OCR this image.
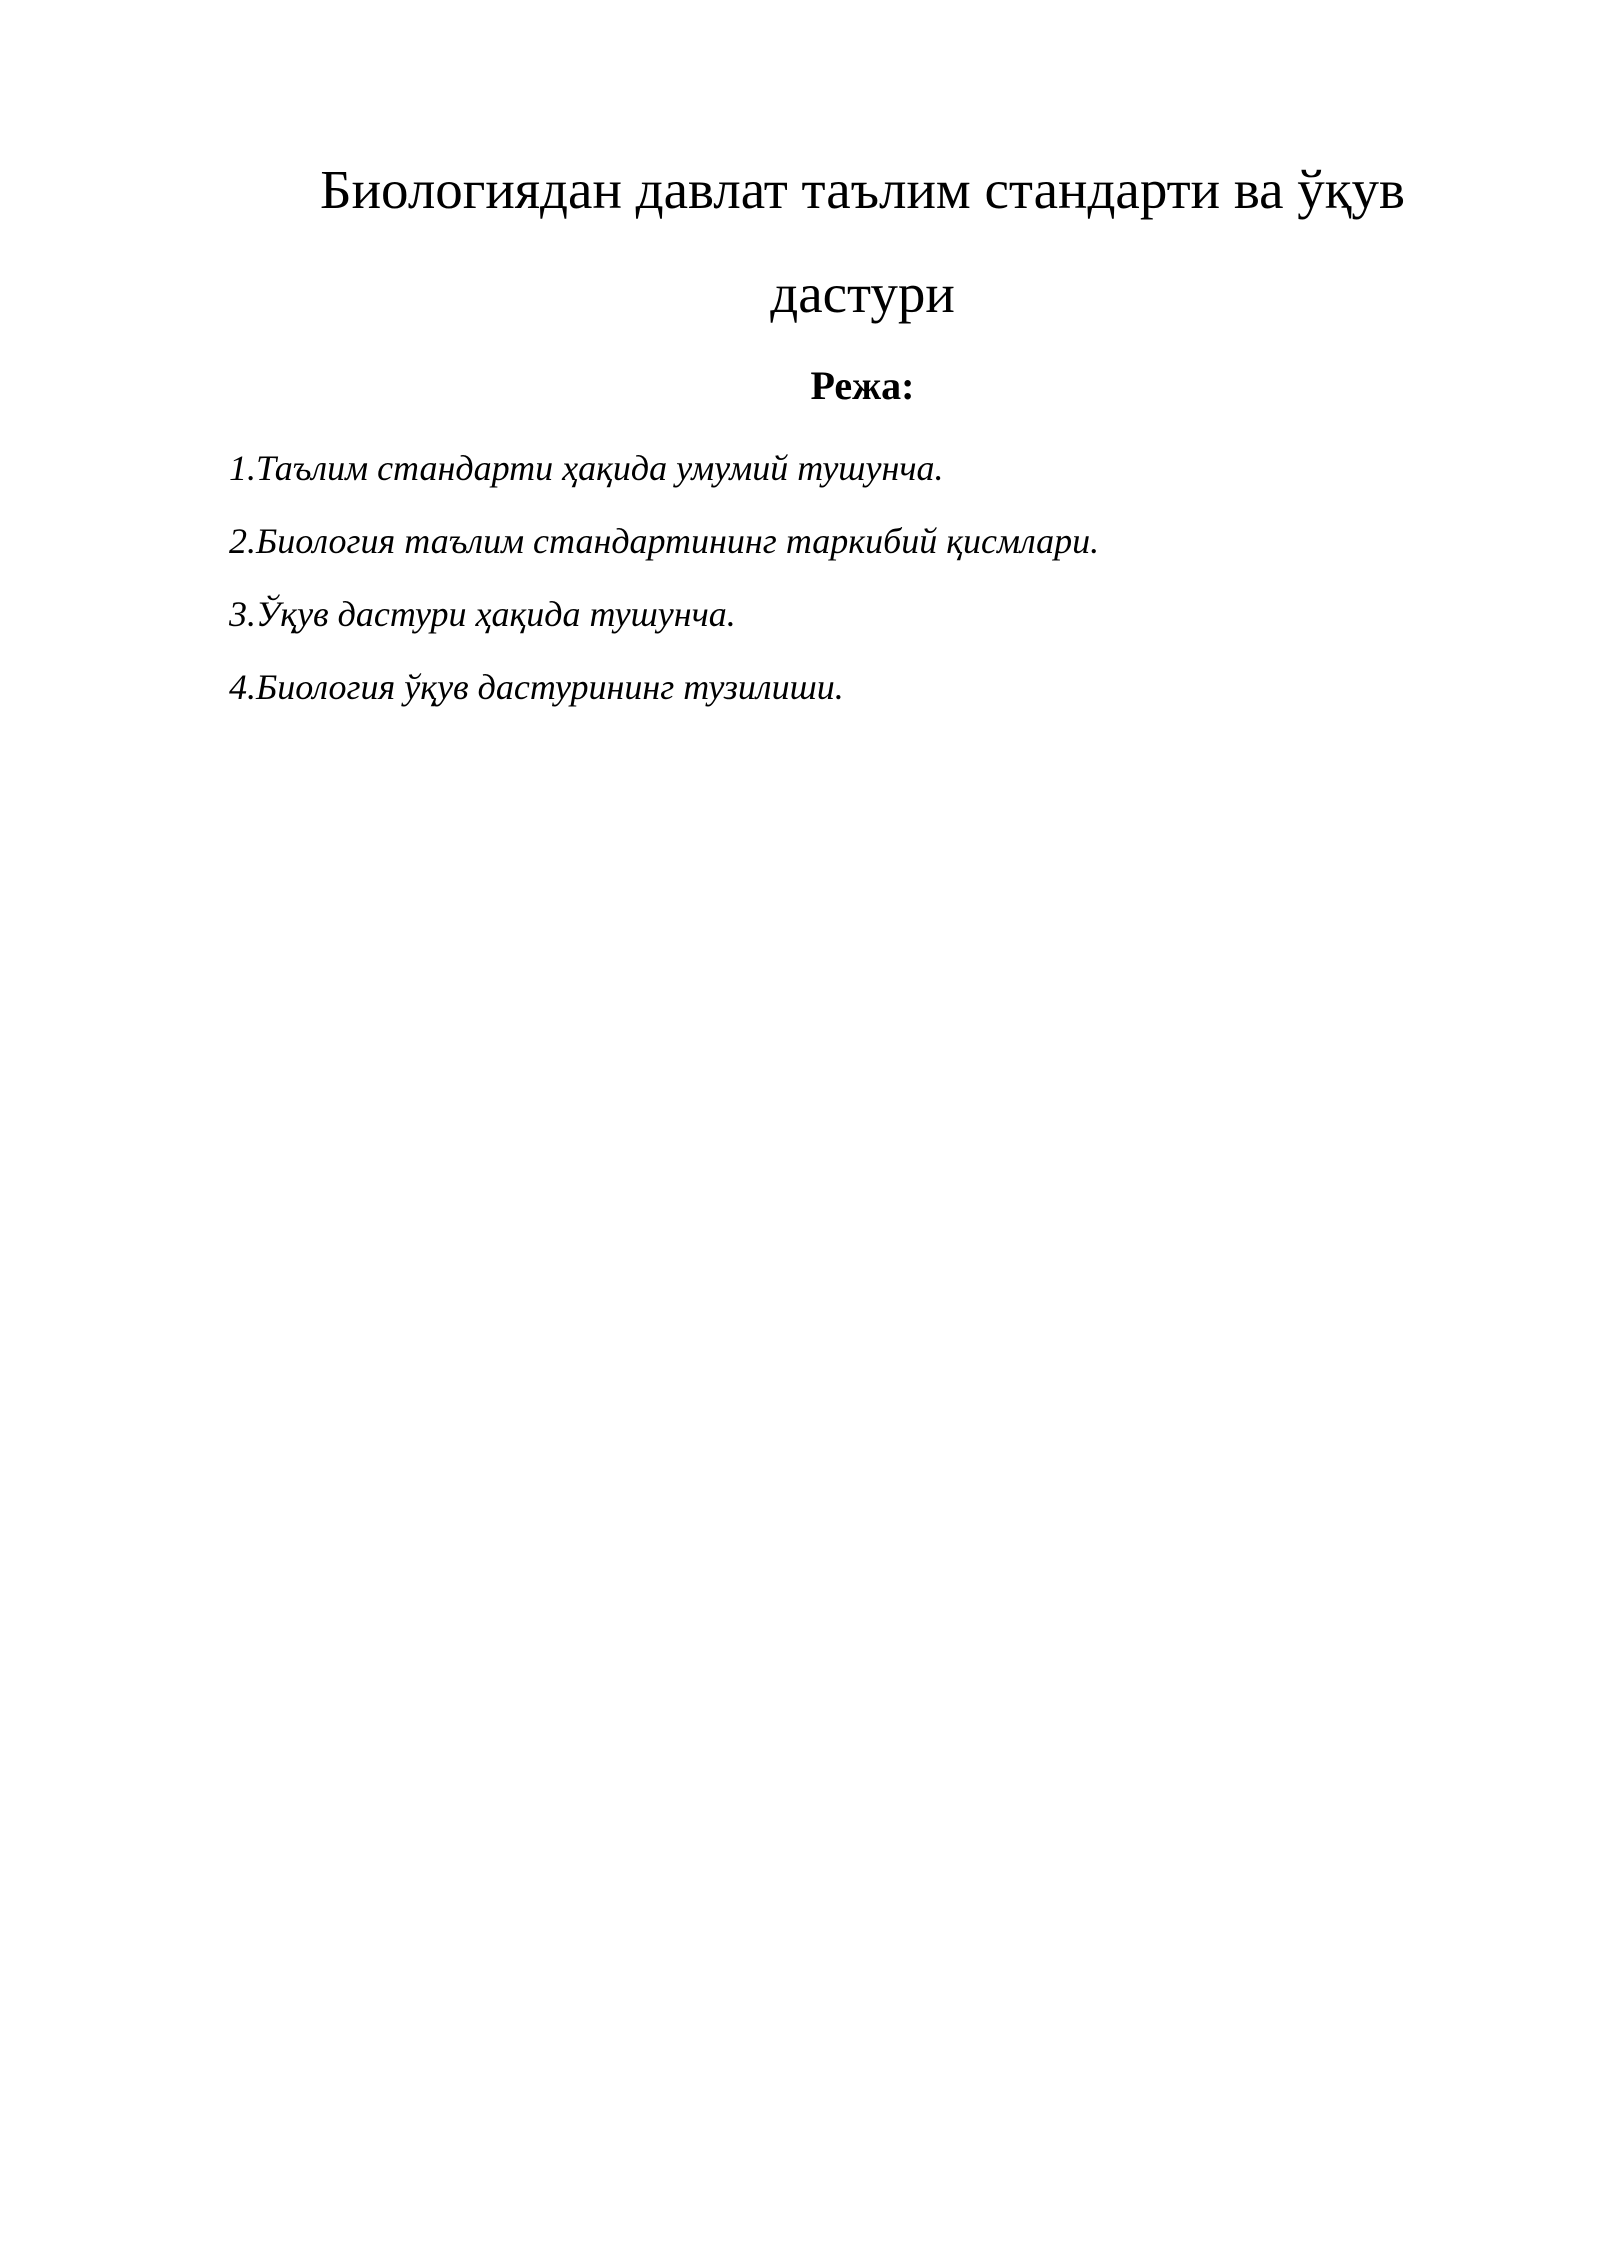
Биологиядан давлат таълим стандарти ва ўқув
дастури
Режа:
1.Таълим стандарти ҳақида умумий тушунча.
2.Биология таълим стандартининг таркибий қисмлари.
3.Ўқув дастури ҳақида тушунча.
4.Биология ўқув дастурининг тузилиши.
